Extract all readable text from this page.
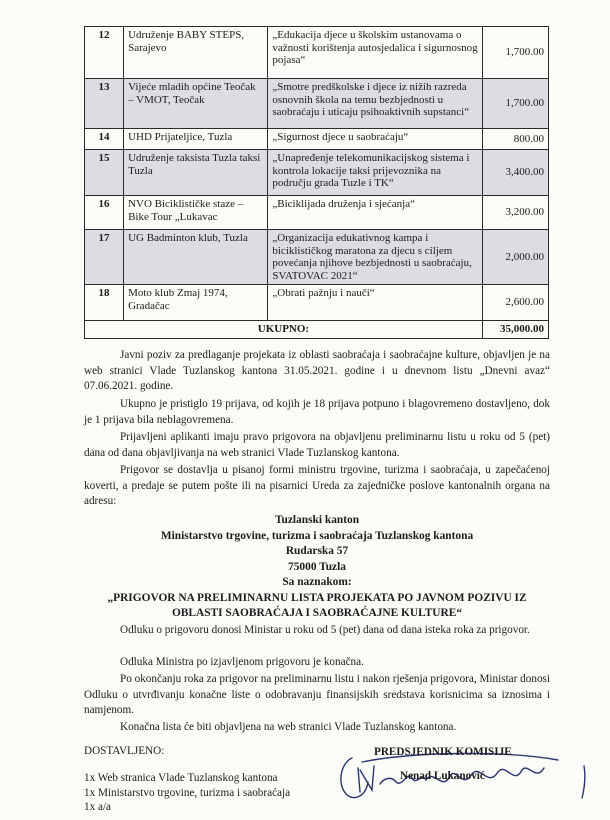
12	Udruženje BABY STEPS, Sarajevo	„Edukacija djece u školskim ustanovama o važnosti korištenja autosjedalica i sigurnosnog pojasa“	1,700.00
13	Vijeće mladih općine Teočak – VMOT, Teočak	„Smotre predškolske i djece iz nižih razreda osnovnih škola na temu bezbjednosti u saobraćaju i uticaju psihoaktivnih supstanci“	1,700.00
14	UHD Prijateljice, Tuzla	„Sigurnost djece u saobraćaju“	800.00
15	Udruženje taksista Tuzla taksi Tuzla	„Unapređenje telekomunikacijskog sistema i kontrola lokacije taksi prijevoznika na području grada Tuzle i TK“	3,400.00
16	NVO Biciklističke staze – Bike Tour „Lukavac	„Biciklijada druženja i sjećanja“	3,200.00
17	UG Badminton klub, Tuzla	„Organizacija edukativnog kampa i biciklističkog maratona za djecu s ciljem povećanja njihove bezbjednosti u saobraćaju, SVATOVAC 2021“	2,000.00
18	Moto klub Zmaj 1974, Gradačac	„Obrati pažnju i nauči“	2,600.00
UKUPNO:			35,000.00
Javni poziv za predlaganje projekata iz oblasti saobraćaja i saobraćajne kulture, objavljen je na web stranici Vlade Tuzlanskog kantona 31.05.2021. godine i u dnevnom listu „Dnevni avaz“ 07.06.2021. godine.
Ukupno je pristiglo 19 prijava, od kojih je 18 prijava potpuno i blagovremeno dostavljeno, dok je 1 prijava bila neblagovremena.
Prijavljeni aplikanti imaju pravo prigovora na objavljenu preliminarnu listu u roku od 5 (pet) dana od dana objavljivanja na web stranici Vlade Tuzlanskog kantona.
Prigovor se dostavlja u pisanoj formi ministru trgovine, turizma i saobraćaja, u zapečaćenoj koverti, a predaje se putem pošte ili na pisarnici Ureda za zajedničke poslove kantonalnih organa na adresu:
Tuzlanski kanton
Ministarstvo trgovine, turizma i saobraćaja Tuzlanskog kantona
Rudarska 57
75000 Tuzla
Sa naznakom:
„PRIGOVOR NA PRELIMINARNU LISTA PROJEKATA PO JAVNOM POZIVU IZ
OBLASTI SAOBRAĆAJA I SAOBRAĆAJNE KULTURE“
Odluku o prigovoru donosi Ministar u roku od 5 (pet) dana od dana isteka roka za prigovor.
Odluka Ministra po izjavljenom prigovoru je konačna.
Po okončanju roka za prigovor na preliminarnu listu i nakon rješenja prigovora, Ministar donosi Odluku o utvrđivanju konačne liste o odobravanju finansijskih sredstava korisnicima sa iznosima i namjenom.
Konačna lista će biti objavljena na web stranici Vlade Tuzlanskog kantona.
DOSTAVLJENO:
1x Web stranica Vlade Tuzlanskog kantona
1x Ministarstvo trgovine, turizma i saobraćaja
1x a/a
PREDSJEDNIK KOMISIJE
Nenad Lukanović
